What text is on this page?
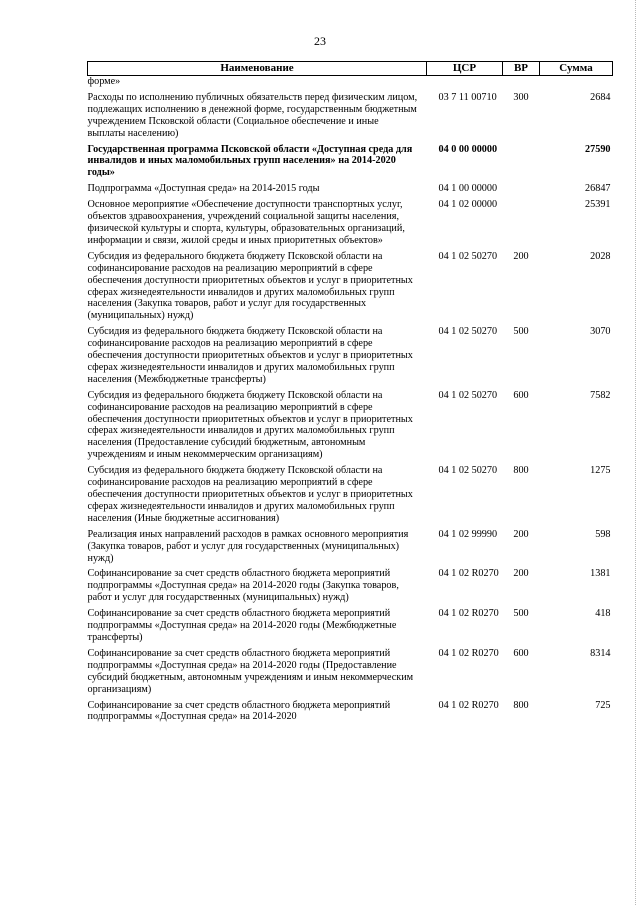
23
Наименование	ЦСР	ВР	Сумма
форме»			
Расходы по исполнению публичных обязательств перед физическим лицом, подлежащих исполнению в денежной форме, государственным бюджетным учреждением Псковской области (Социальное обеспечение и иные выплаты населению)	03 7 11 00710	300	2684
Государственная программа Псковской области «Доступная среда для инвалидов и иных маломобильных групп населения» на 2014-2020 годы»	04 0 00 00000		27590
Подпрограмма «Доступная среда» на 2014-2015 годы	04 1 00 00000		26847
Основное мероприятие «Обеспечение доступности транспортных услуг, объектов здравоохранения, учреждений социальной защиты населения, физической культуры и спорта, культуры, образовательных организаций, информации и связи, жилой среды и иных приоритетных объектов»	04 1 02 00000		25391
Субсидия из федерального бюджета бюджету Псковской области на софинансирование расходов на реализацию мероприятий в сфере обеспечения доступности приоритетных объектов и услуг в приоритетных сферах жизнедеятельности инвалидов и других маломобильных групп населения (Закупка товаров, работ и услуг для государственных (муниципальных) нужд)	04 1 02 50270	200	2028
Субсидия из федерального бюджета бюджету Псковской области на софинансирование расходов на реализацию мероприятий в сфере обеспечения доступности приоритетных объектов и услуг в приоритетных сферах жизнедеятельности инвалидов и других маломобильных групп населения (Межбюджетные трансферты)	04 1 02 50270	500	3070
Субсидия из федерального бюджета бюджету Псковской области на софинансирование расходов на реализацию мероприятий в сфере обеспечения доступности приоритетных объектов и услуг в приоритетных сферах жизнедеятельности инвалидов и других маломобильных групп населения (Предоставление субсидий бюджетным, автономным учреждениям и иным некоммерческим организациям)	04 1 02 50270	600	7582
Субсидия из федерального бюджета бюджету Псковской области на софинансирование расходов на реализацию мероприятий в сфере обеспечения доступности приоритетных объектов и услуг в приоритетных сферах жизнедеятельности инвалидов и других маломобильных групп населения (Иные бюджетные ассигнования)	04 1 02 50270	800	1275
Реализация иных направлений расходов в рамках основного мероприятия (Закупка товаров, работ и услуг для государственных (муниципальных) нужд)	04 1 02 99990	200	598
Софинансирование за счет средств областного бюджета мероприятий подпрограммы «Доступная среда» на 2014-2020 годы (Закупка товаров, работ и услуг для государственных (муниципальных) нужд)	04 1 02 R0270	200	1381
Софинансирование за счет средств областного бюджета мероприятий подпрограммы «Доступная среда» на 2014-2020 годы (Межбюджетные трансферты)	04 1 02 R0270	500	418
Софинансирование за счет средств областного бюджета мероприятий подпрограммы «Доступная среда» на 2014-2020 годы (Предоставление субсидий бюджетным, автономным учреждениям и иным некоммерческим организациям)	04 1 02 R0270	600	8314
Софинансирование за счет средств областного бюджета мероприятий подпрограммы «Доступная среда» на 2014-2020	04 1 02 R0270	800	725
